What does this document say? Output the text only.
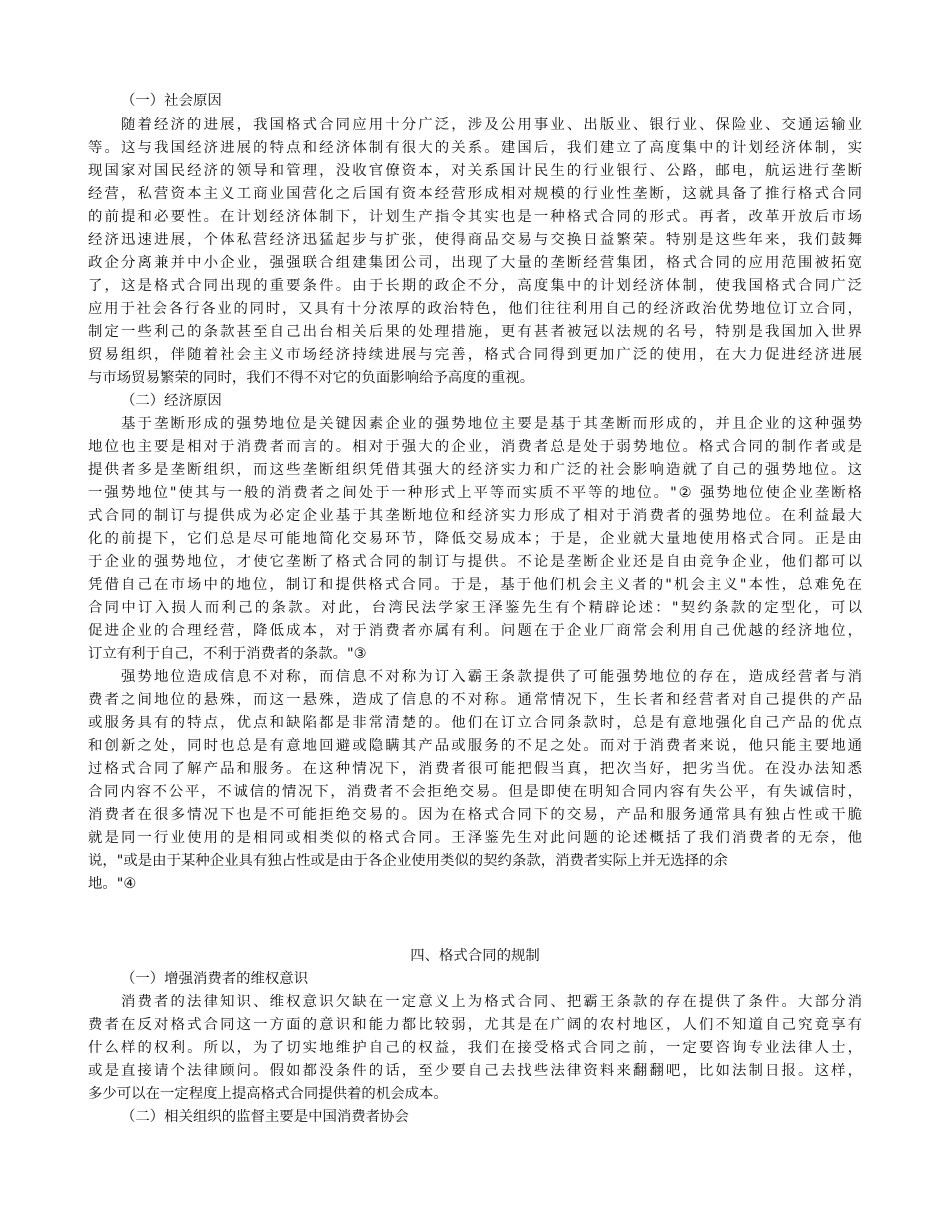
（一）社会原因
随着经济的进展，我国格式合同应用十分广泛，涉及公用事业、出版业、银行业、保险业、交通运输业
等。这与我国经济进展的特点和经济体制有很大的关系。建国后，我们建立了高度集中的计划经济体制，实
现国家对国民经济的领导和管理，没收官僚资本，对关系国计民生的行业银行、公路，邮电，航运进行垄断
经营，私营资本主义工商业国营化之后国有资本经营形成相对规模的行业性垄断，这就具备了推行格式合同
的前提和必要性。在计划经济体制下，计划生产指令其实也是一种格式合同的形式。再者，改革开放后市场
经济迅速进展，个体私营经济迅猛起步与扩张，使得商品交易与交换日益繁荣。特别是这些年来，我们鼓舞
政企分离兼并中小企业，强强联合组建集团公司，出现了大量的垄断经营集团，格式合同的应用范围被拓宽
了，这是格式合同出现的重要条件。由于长期的政企不分，高度集中的计划经济体制，使我国格式合同广泛
应用于社会各行各业的同时，又具有十分浓厚的政治特色，他们往往利用自己的经济政治优势地位订立合同，
制定一些利己的条款甚至自己出台相关后果的处理措施，更有甚者被冠以法规的名号，特别是我国加入世界
贸易组织，伴随着社会主义市场经济持续进展与完善，格式合同得到更加广泛的使用，在大力促进经济进展
与市场贸易繁荣的同时，我们不得不对它的负面影响给予高度的重视。
（二）经济原因
基于垄断形成的强势地位是关键因素企业的强势地位主要是基于其垄断而形成的，并且企业的这种强势
地位也主要是相对于消费者而言的。相对于强大的企业，消费者总是处于弱势地位。格式合同的制作者或是
提供者多是垄断组织，而这些垄断组织凭借其强大的经济实力和广泛的社会影响造就了自己的强势地位。这
一强势地位"使其与一般的消费者之间处于一种形式上平等而实质不平等的地位。"② 强势地位使企业垄断格
式合同的制订与提供成为必定企业基于其垄断地位和经济实力形成了相对于消费者的强势地位。在利益最大
化的前提下，它们总是尽可能地简化交易环节，降低交易成本；于是，企业就大量地使用格式合同。正是由
于企业的强势地位，才使它垄断了格式合同的制订与提供。不论是垄断企业还是自由竞争企业，他们都可以
凭借自己在市场中的地位，制订和提供格式合同。于是，基于他们机会主义者的"机会主义"本性，总难免在
合同中订入损人而利己的条款。对此，台湾民法学家王泽鉴先生有个精辟论述："契约条款的定型化，可以
促进企业的合理经营，降低成本，对于消费者亦属有利。问题在于企业厂商常会利用自己优越的经济地位，
订立有利于自己，不利于消费者的条款。"③
强势地位造成信息不对称，而信息不对称为订入霸王条款提供了可能强势地位的存在，造成经营者与消
费者之间地位的悬殊，而这一悬殊，造成了信息的不对称。通常情况下，生长者和经营者对自己提供的产品
或服务具有的特点，优点和缺陷都是非常清楚的。他们在订立合同条款时，总是有意地强化自己产品的优点
和创新之处，同时也总是有意地回避或隐瞒其产品或服务的不足之处。而对于消费者来说，他只能主要地通
过格式合同了解产品和服务。在这种情况下，消费者很可能把假当真，把次当好，把劣当优。在没办法知悉
合同内容不公平，不诚信的情况下，消费者不会拒绝交易。但是即使在明知合同内容有失公平，有失诚信时，
消费者在很多情况下也是不可能拒绝交易的。因为在格式合同下的交易，产品和服务通常具有独占性或干脆
就是同一行业使用的是相同或相类似的格式合同。王泽鉴先生对此问题的论述概括了我们消费者的无奈，他
说，"或是由于某种企业具有独占性或是由于各企业使用类似的契约条款，消费者实际上并无选择的余
地。"④
四、格式合同的规制
（一）增强消费者的维权意识
消费者的法律知识、维权意识欠缺在一定意义上为格式合同、把霸王条款的存在提供了条件。大部分消
费者在反对格式合同这一方面的意识和能力都比较弱，尤其是在广阔的农村地区，人们不知道自己究竟享有
什么样的权利。所以，为了切实地维护自己的权益，我们在接受格式合同之前，一定要咨询专业法律人士，
或是直接请个法律顾问。假如都没条件的话，至少要自己去找些法律资料来翻翻吧，比如法制日报。这样，
多少可以在一定程度上提高格式合同提供着的机会成本。
（二）相关组织的监督主要是中国消费者协会
